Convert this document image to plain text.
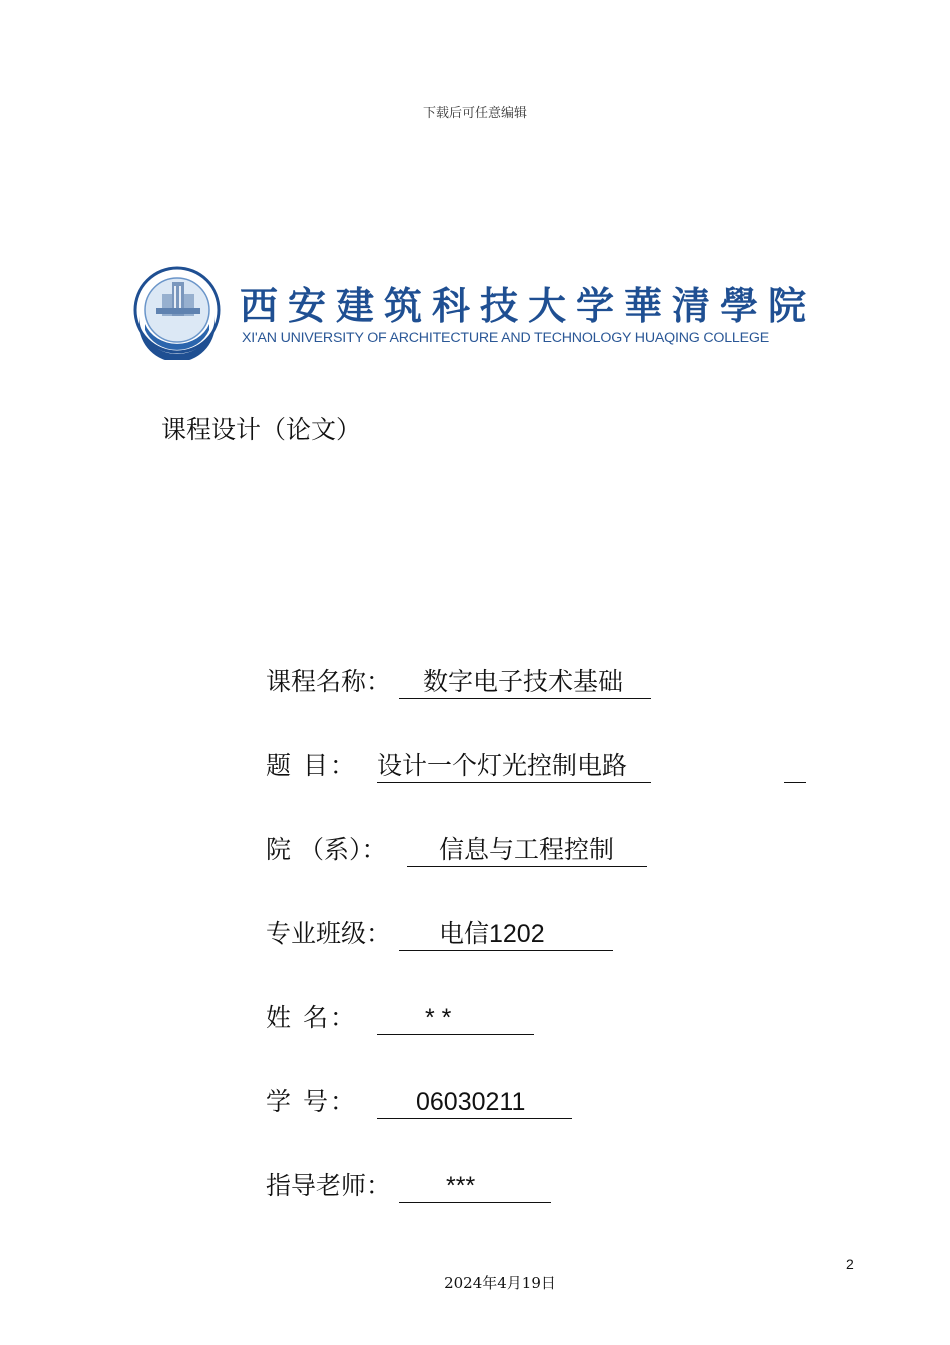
下载后可任意编辑
西安建筑科技大学華清學院
XI'AN UNIVERSITY OF ARCHITECTURE AND TECHNOLOGY HUAQING COLLEGE
课程设计（论文）
课程名称： 数字电子技术基础
题 目： 设计一个灯光控制电路
院 （系）： 信息与工程控制
专业班级： 电信1202
姓 名：	* *
学 号： 06030211
指导老师： ***
2
2024年4月19日
